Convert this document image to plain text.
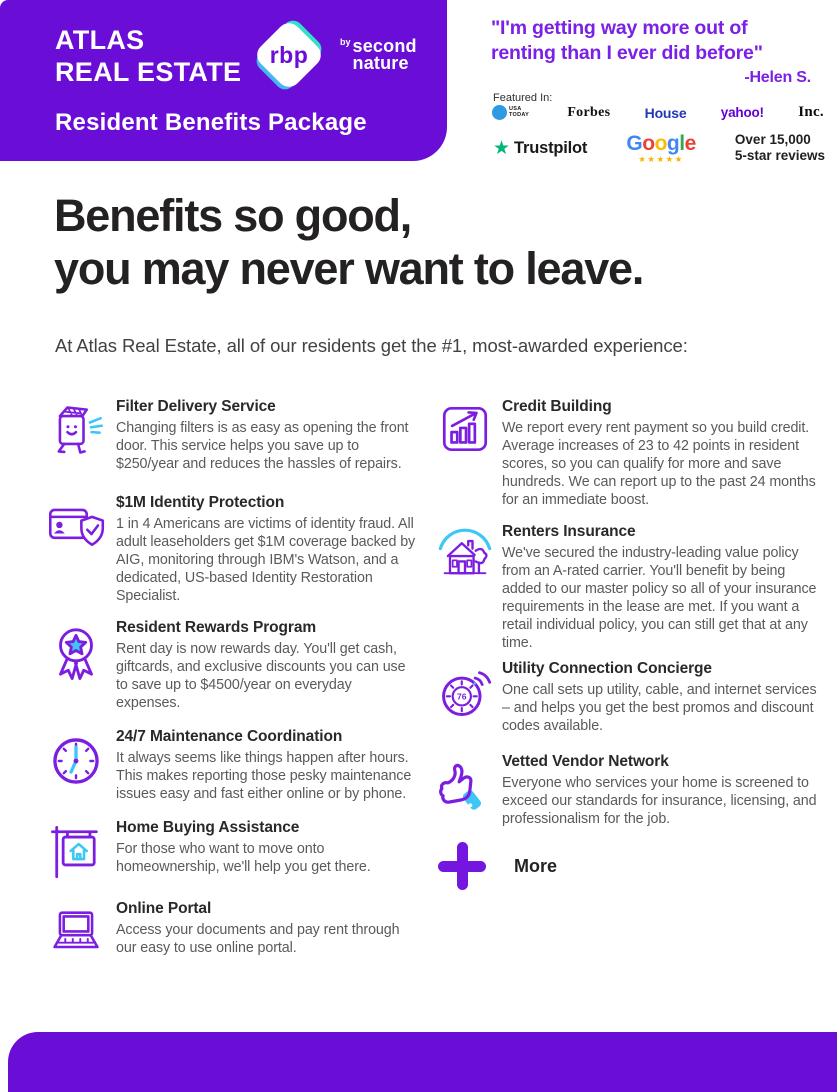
ATLAS
REAL ESTATE
rbp	$^{by}$ second
nature
Resident Benefits Package
"I'm getting way more out of
renting than I ever did before"
-Helen S.
Featured In:
USA TODAY	Forbes House	yahoo! Inc.
★ Trustpilot Google
★★★★★
Over 15,000
5-star reviews
Benefits so good,
you may never want to leave.
At Atlas Real Estate, all of our residents get the #1, most-awarded experience:
Filter Delivery Service
Changing filters is as easy as opening the front door. This service helps you save up to $250/year and reduces the hassles of repairs.
$1M Identity Protection
1 in 4 Americans are victims of identity fraud. All adult leaseholders get $1M coverage backed by AIG, monitoring through IBM's Watson, and a dedicated, US-based Identity Restoration Specialist.
Resident Rewards Program
Rent day is now rewards day. You'll get cash, giftcards, and exclusive discounts you can use to save up to $4500/year on everyday expenses.
24/7 Maintenance Coordination
It always seems like things happen after hours. This makes reporting those pesky maintenance issues easy and fast either online or by phone.
Home Buying Assistance
For those who want to move onto homeownership, we'll help you get there.
Online Portal
Access your documents and pay rent through our easy to use online portal.
Credit Building
We report every rent payment so you build credit. Average increases of 23 to 42 points in resident scores, so you can qualify for more and save hundreds. We can report up to the past 24 months for an immediate boost.
Renters Insurance
We've secured the industry-leading value policy from an A-rated carrier. You'll benefit by being added to our master policy so all of your insurance requirements in the lease are met. If you want a retail individual policy, you can still get that at any time.
76
Utility Connection Concierge
One call sets up utility, cable, and internet services – and helps you get the best promos and discount codes available.
Vetted Vendor Network
Everyone who services your home is screened to exceed our standards for insurance, licensing, and professionalism for the job.
More
